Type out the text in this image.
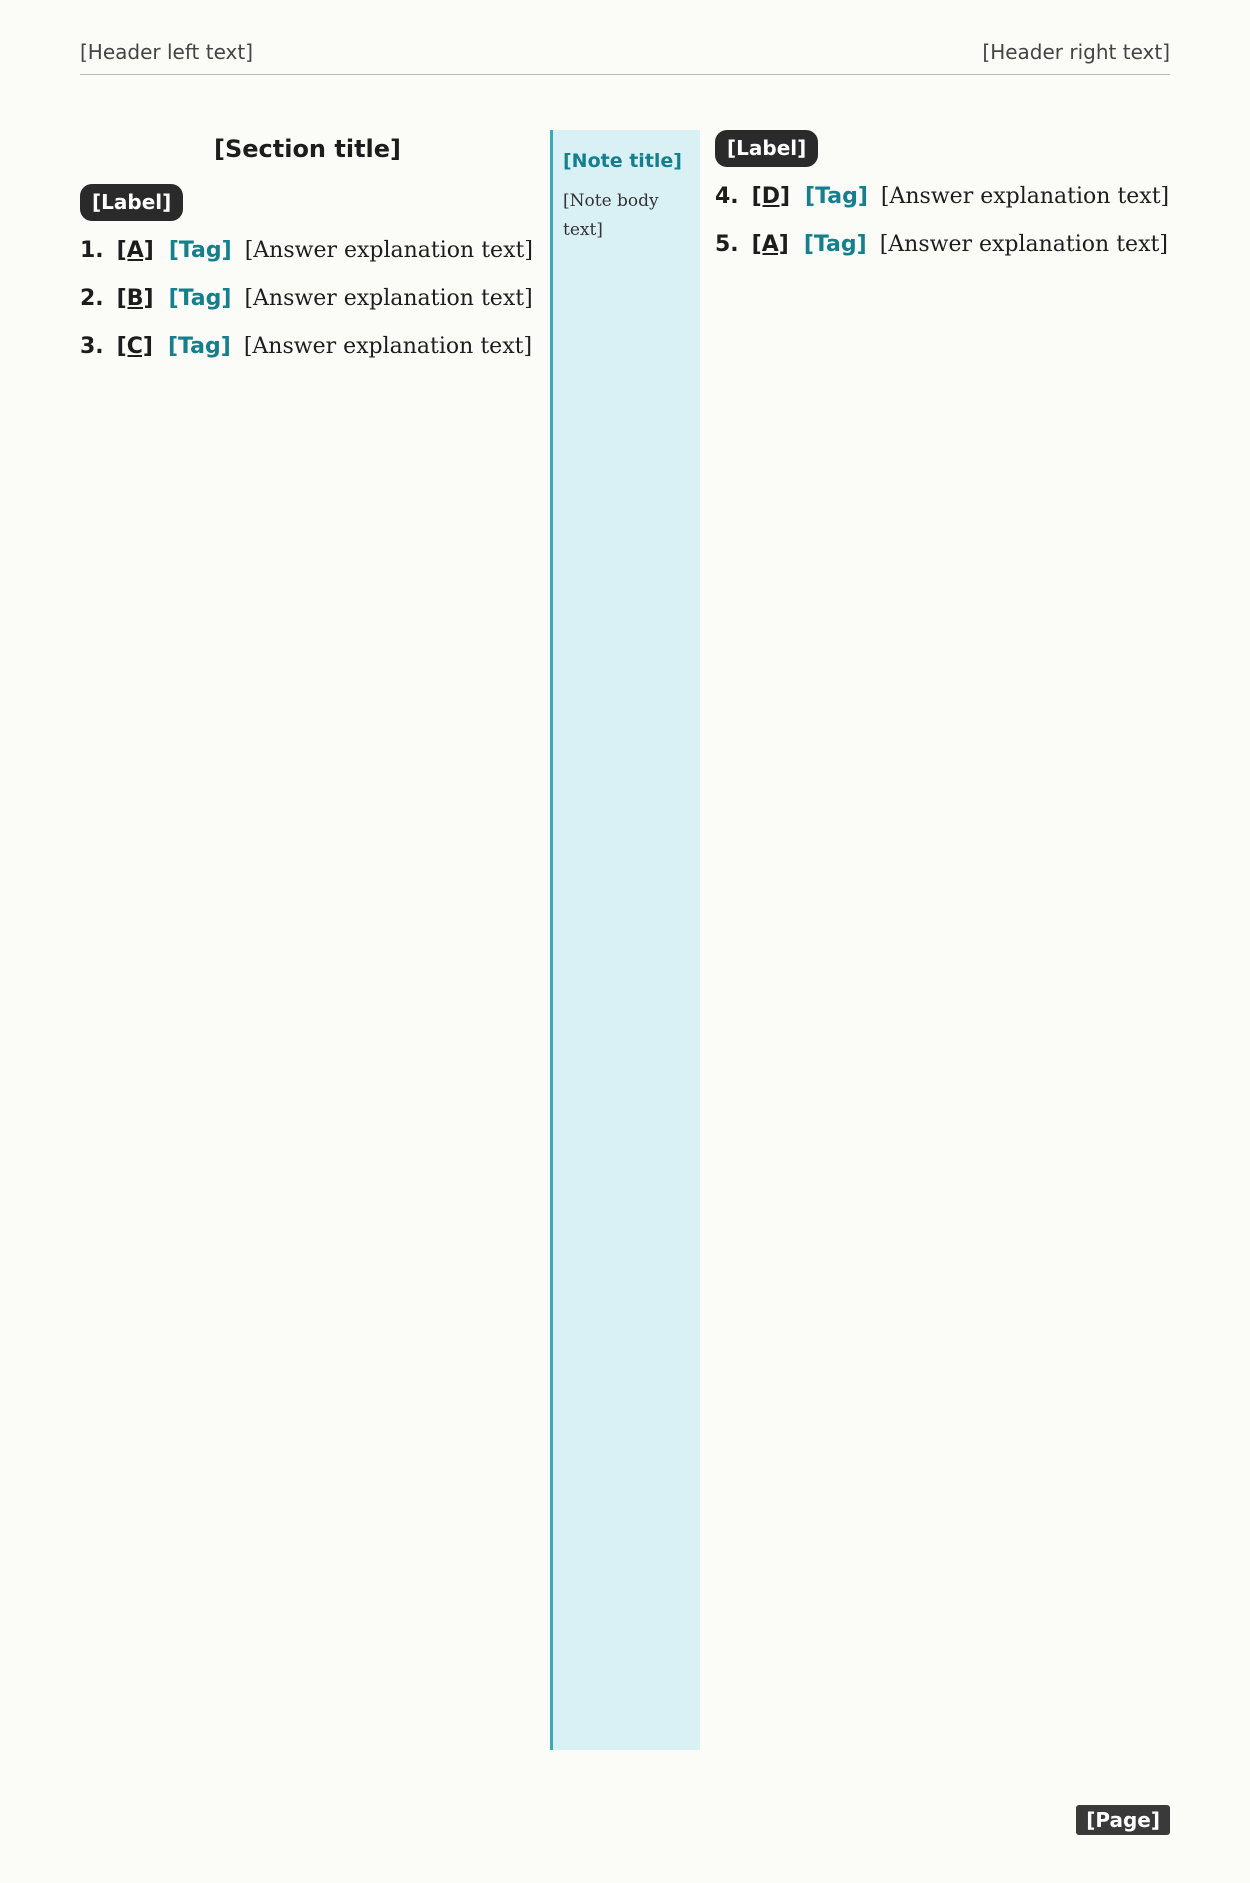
[Header left text]	[Header right text]
[Section title]
[Label]
1. [A] [Tag] [Answer explanation text]
2. [B] [Tag] [Answer explanation text]
3. [C] [Tag] [Answer explanation text]

[Note title]

[Note body text]

[Label]
4. [D] [Tag] [Answer explanation text]
5. [A] [Tag] [Answer explanation text]
[Page]
